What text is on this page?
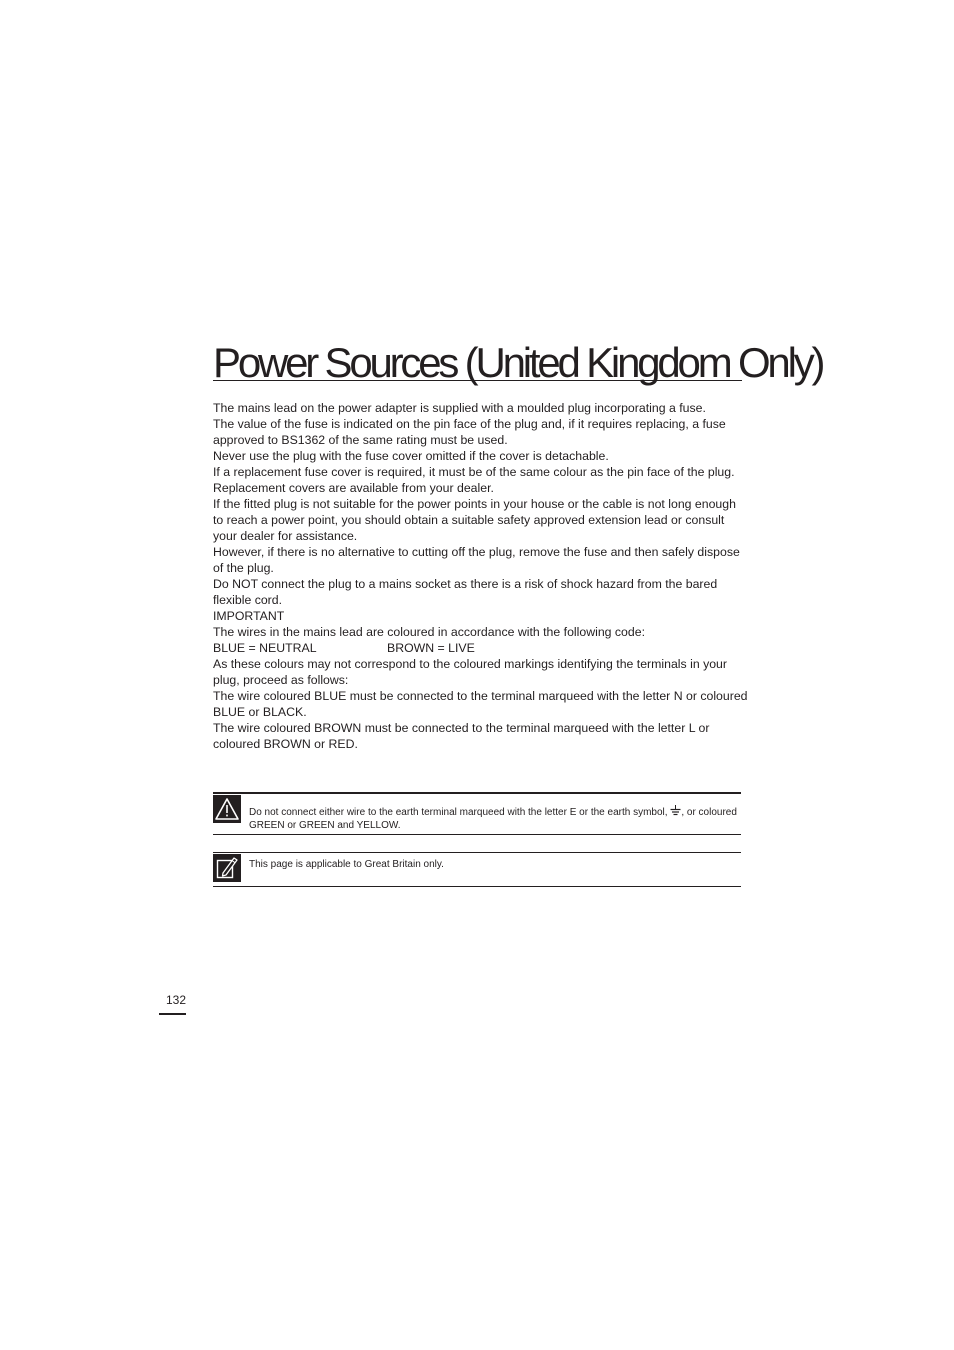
Power Sources (United Kingdom Only)

The mains lead on the power adapter is supplied with a moulded plug incorporating a fuse.

The value of the fuse is indicated on the pin face of the plug and, if it requires replacing, a fuse approved to BS1362 of the same rating must be used.

Never use the plug with the fuse cover omitted if the cover is detachable.

If a replacement fuse cover is required, it must be of the same colour as the pin face of the plug. Replacement covers are available from your dealer.

If the fitted plug is not suitable for the power points in your house or the cable is not long enough to reach a power point, you should obtain a suitable safety approved extension lead or consult your dealer for assistance.

However, if there is no alternative to cutting off the plug, remove the fuse and then safely dispose of the plug.

Do NOT connect the plug to a mains socket as there is a risk of shock hazard from the bared flexible cord.

IMPORTANT

The wires in the mains lead are coloured in accordance with the following code:

BLUE = NEUTRAL	BROWN = LIVE

As these colours may not correspond to the coloured markings identifying the terminals in your plug, proceed as follows:

The wire coloured BLUE must be connected to the terminal marqueed with the letter N or coloured BLUE or BLACK.

The wire coloured BROWN must be connected to the terminal marqueed with the letter L or coloured BROWN or RED.

Do not connect either wire to the earth terminal marqueed with the letter E or the earth symbol, , or coloured GREEN or GREEN and YELLOW.
This page is applicable to Great Britain only.
132
